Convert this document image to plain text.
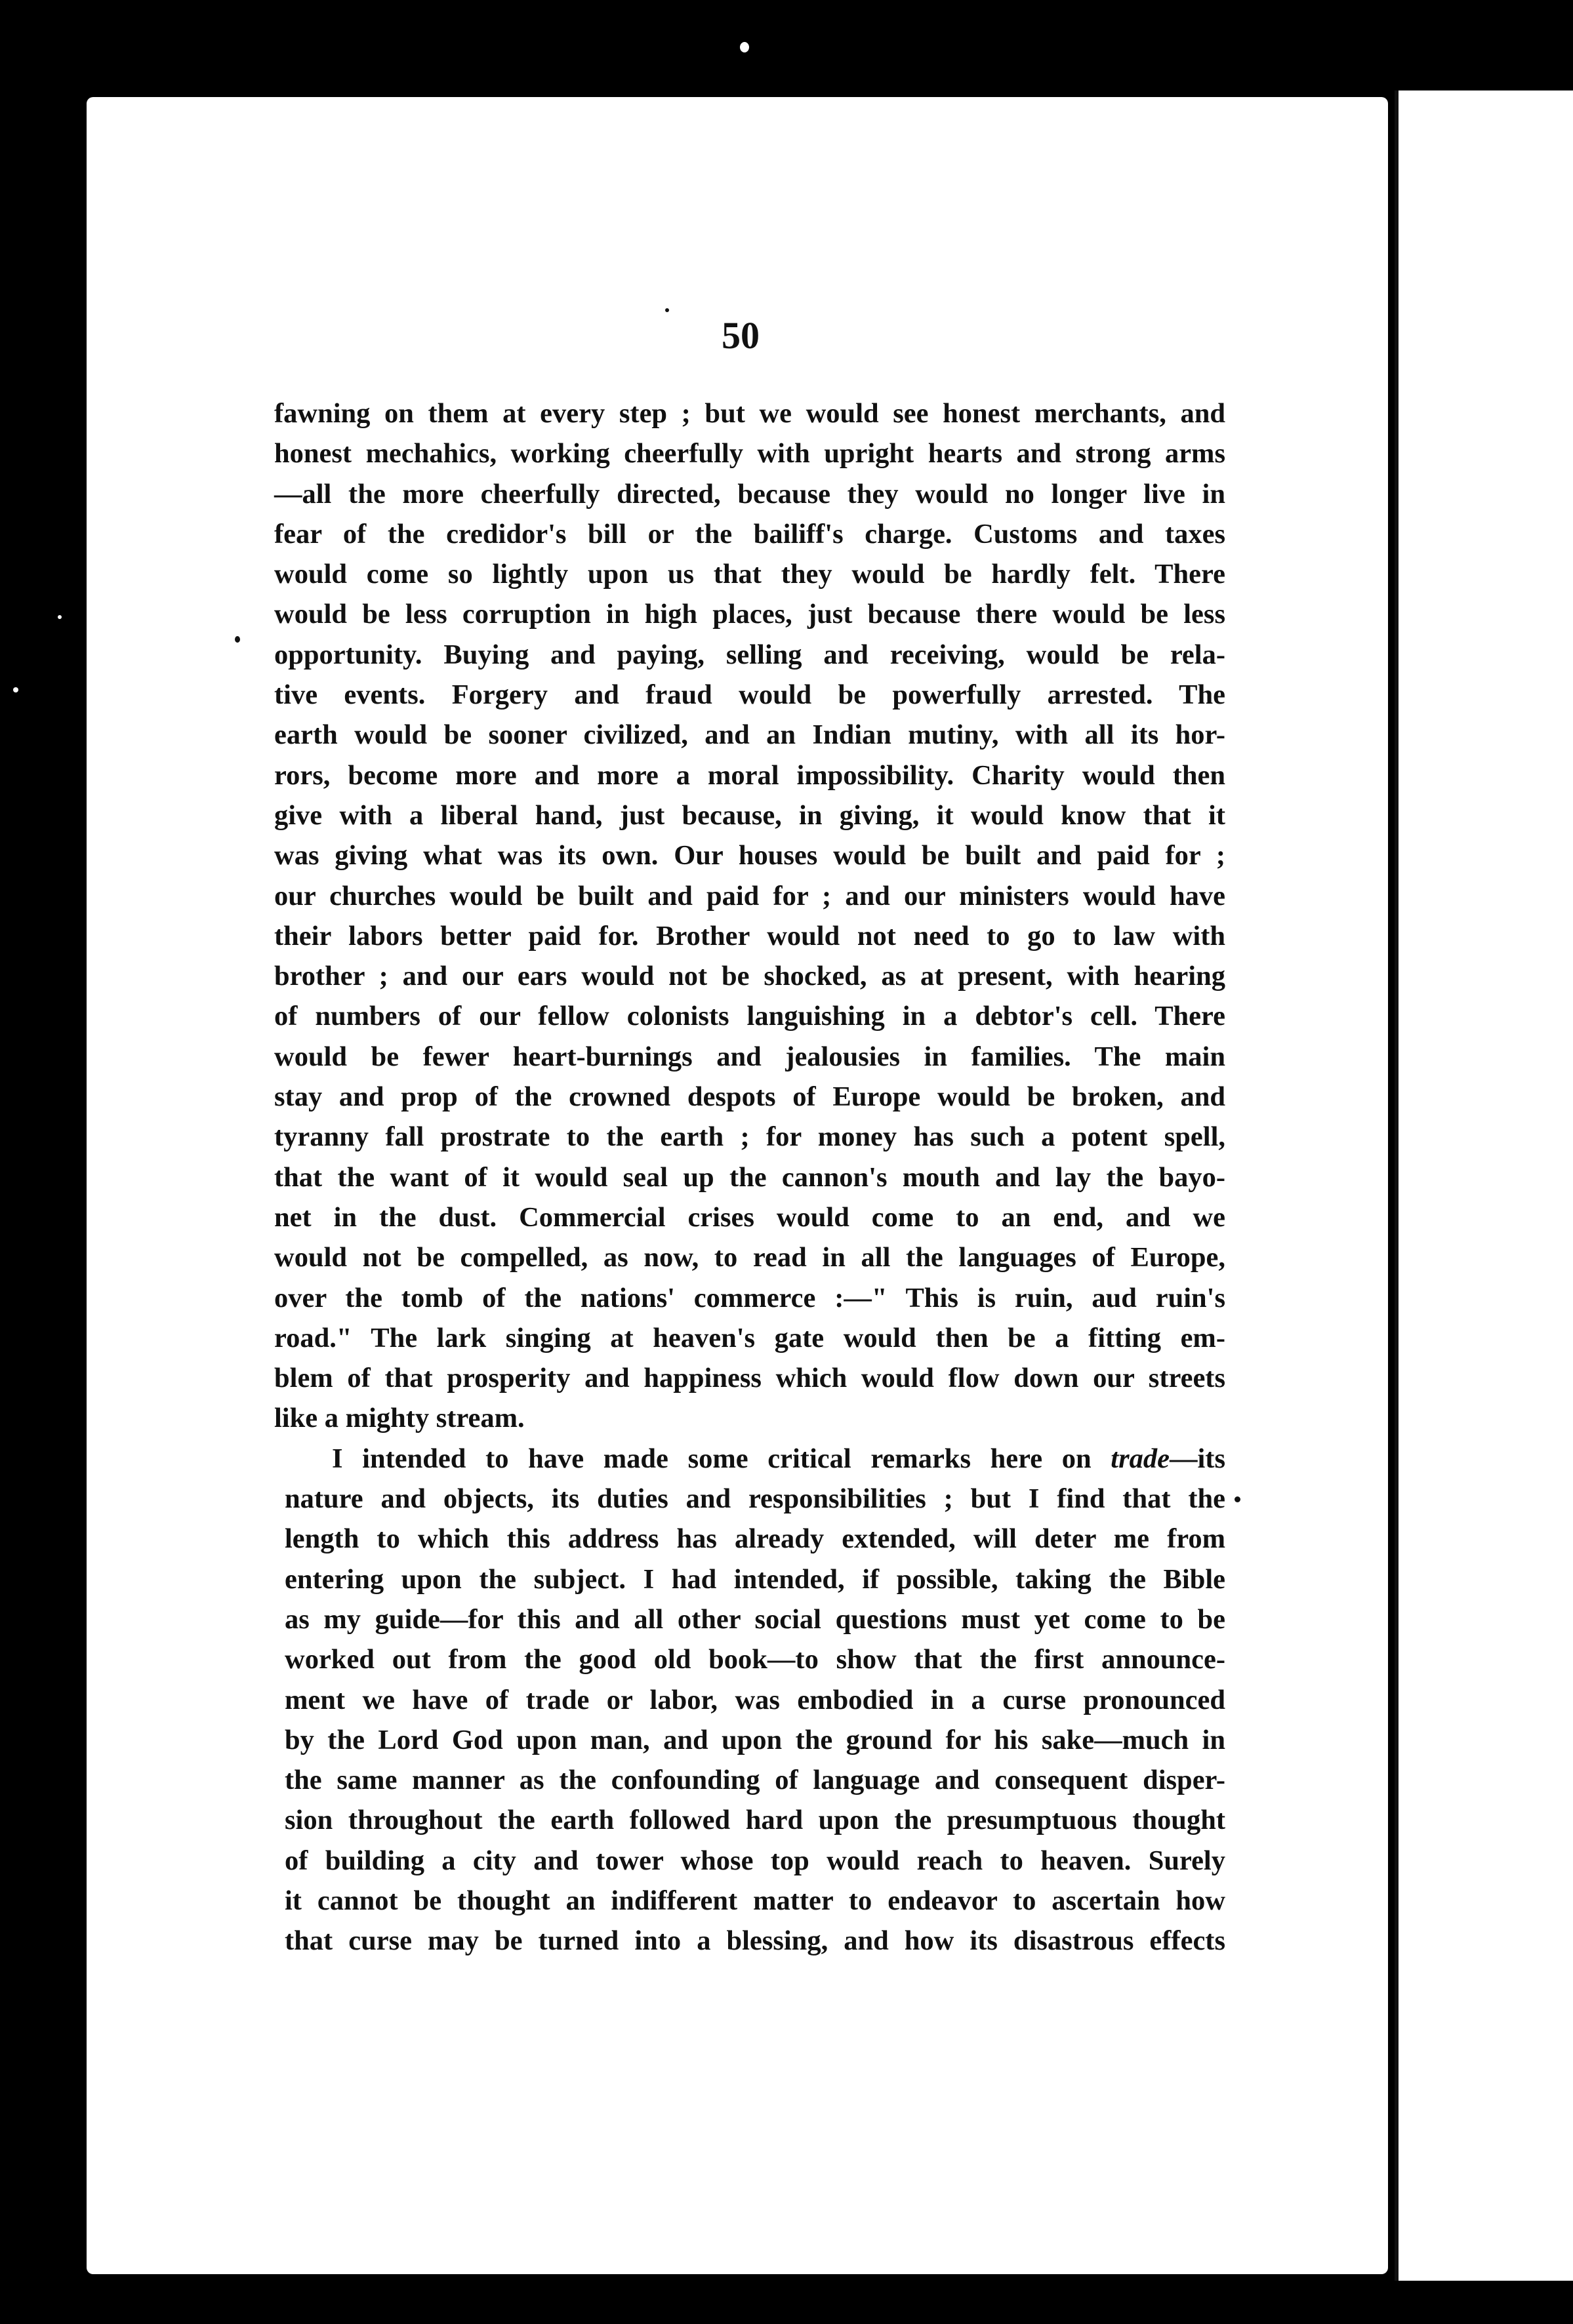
50
fawning on them at every step ; but we would see honest merchants, and
honest mechahics, working cheerfully with upright hearts and strong arms
—all the more cheerfully directed, because they would no longer live in
fear of the credidor's bill or the bailiff's charge. Customs and taxes
would come so lightly upon us that they would be hardly felt. There
would be less corruption in high places, just because there would be less
opportunity. Buying and paying, selling and receiving, would be rela-
tive events. Forgery and fraud would be powerfully arrested. The
earth would be sooner civilized, and an Indian mutiny, with all its hor-
rors, become more and more a moral impossibility. Charity would then
give with a liberal hand, just because, in giving, it would know that it
was giving what was its own. Our houses would be built and paid for ;
our churches would be built and paid for ; and our ministers would have
their labors better paid for. Brother would not need to go to law with
brother ; and our ears would not be shocked, as at present, with hearing
of numbers of our fellow colonists languishing in a debtor's cell. There
would be fewer heart-burnings and jealousies in families. The main
stay and prop of the crowned despots of Europe would be broken, and
tyranny fall prostrate to the earth ; for money has such a potent spell,
that the want of it would seal up the cannon's mouth and lay the bayo-
net in the dust. Commercial crises would come to an end, and we
would not be compelled, as now, to read in all the languages of Europe,
over the tomb of the nations' commerce :—" This is ruin, aud ruin's
road." The lark singing at heaven's gate would then be a fitting em-
blem of that prosperity and happiness which would flow down our streets
like a mighty stream.
I intended to have made some critical remarks here on trade—its
nature and objects, its duties and responsibilities ; but I find that the
length to which this address has already extended, will deter me from
entering upon the subject. I had intended, if possible, taking the Bible
as my guide—for this and all other social questions must yet come to be
worked out from the good old book—to show that the first announce-
ment we have of trade or labor, was embodied in a curse pronounced
by the Lord God upon man, and upon the ground for his sake—much in
the same manner as the confounding of language and consequent disper-
sion throughout the earth followed hard upon the presumptuous thought
of building a city and tower whose top would reach to heaven. Surely
it cannot be thought an indifferent matter to endeavor to ascertain how
that curse may be turned into a blessing, and how its disastrous effects
